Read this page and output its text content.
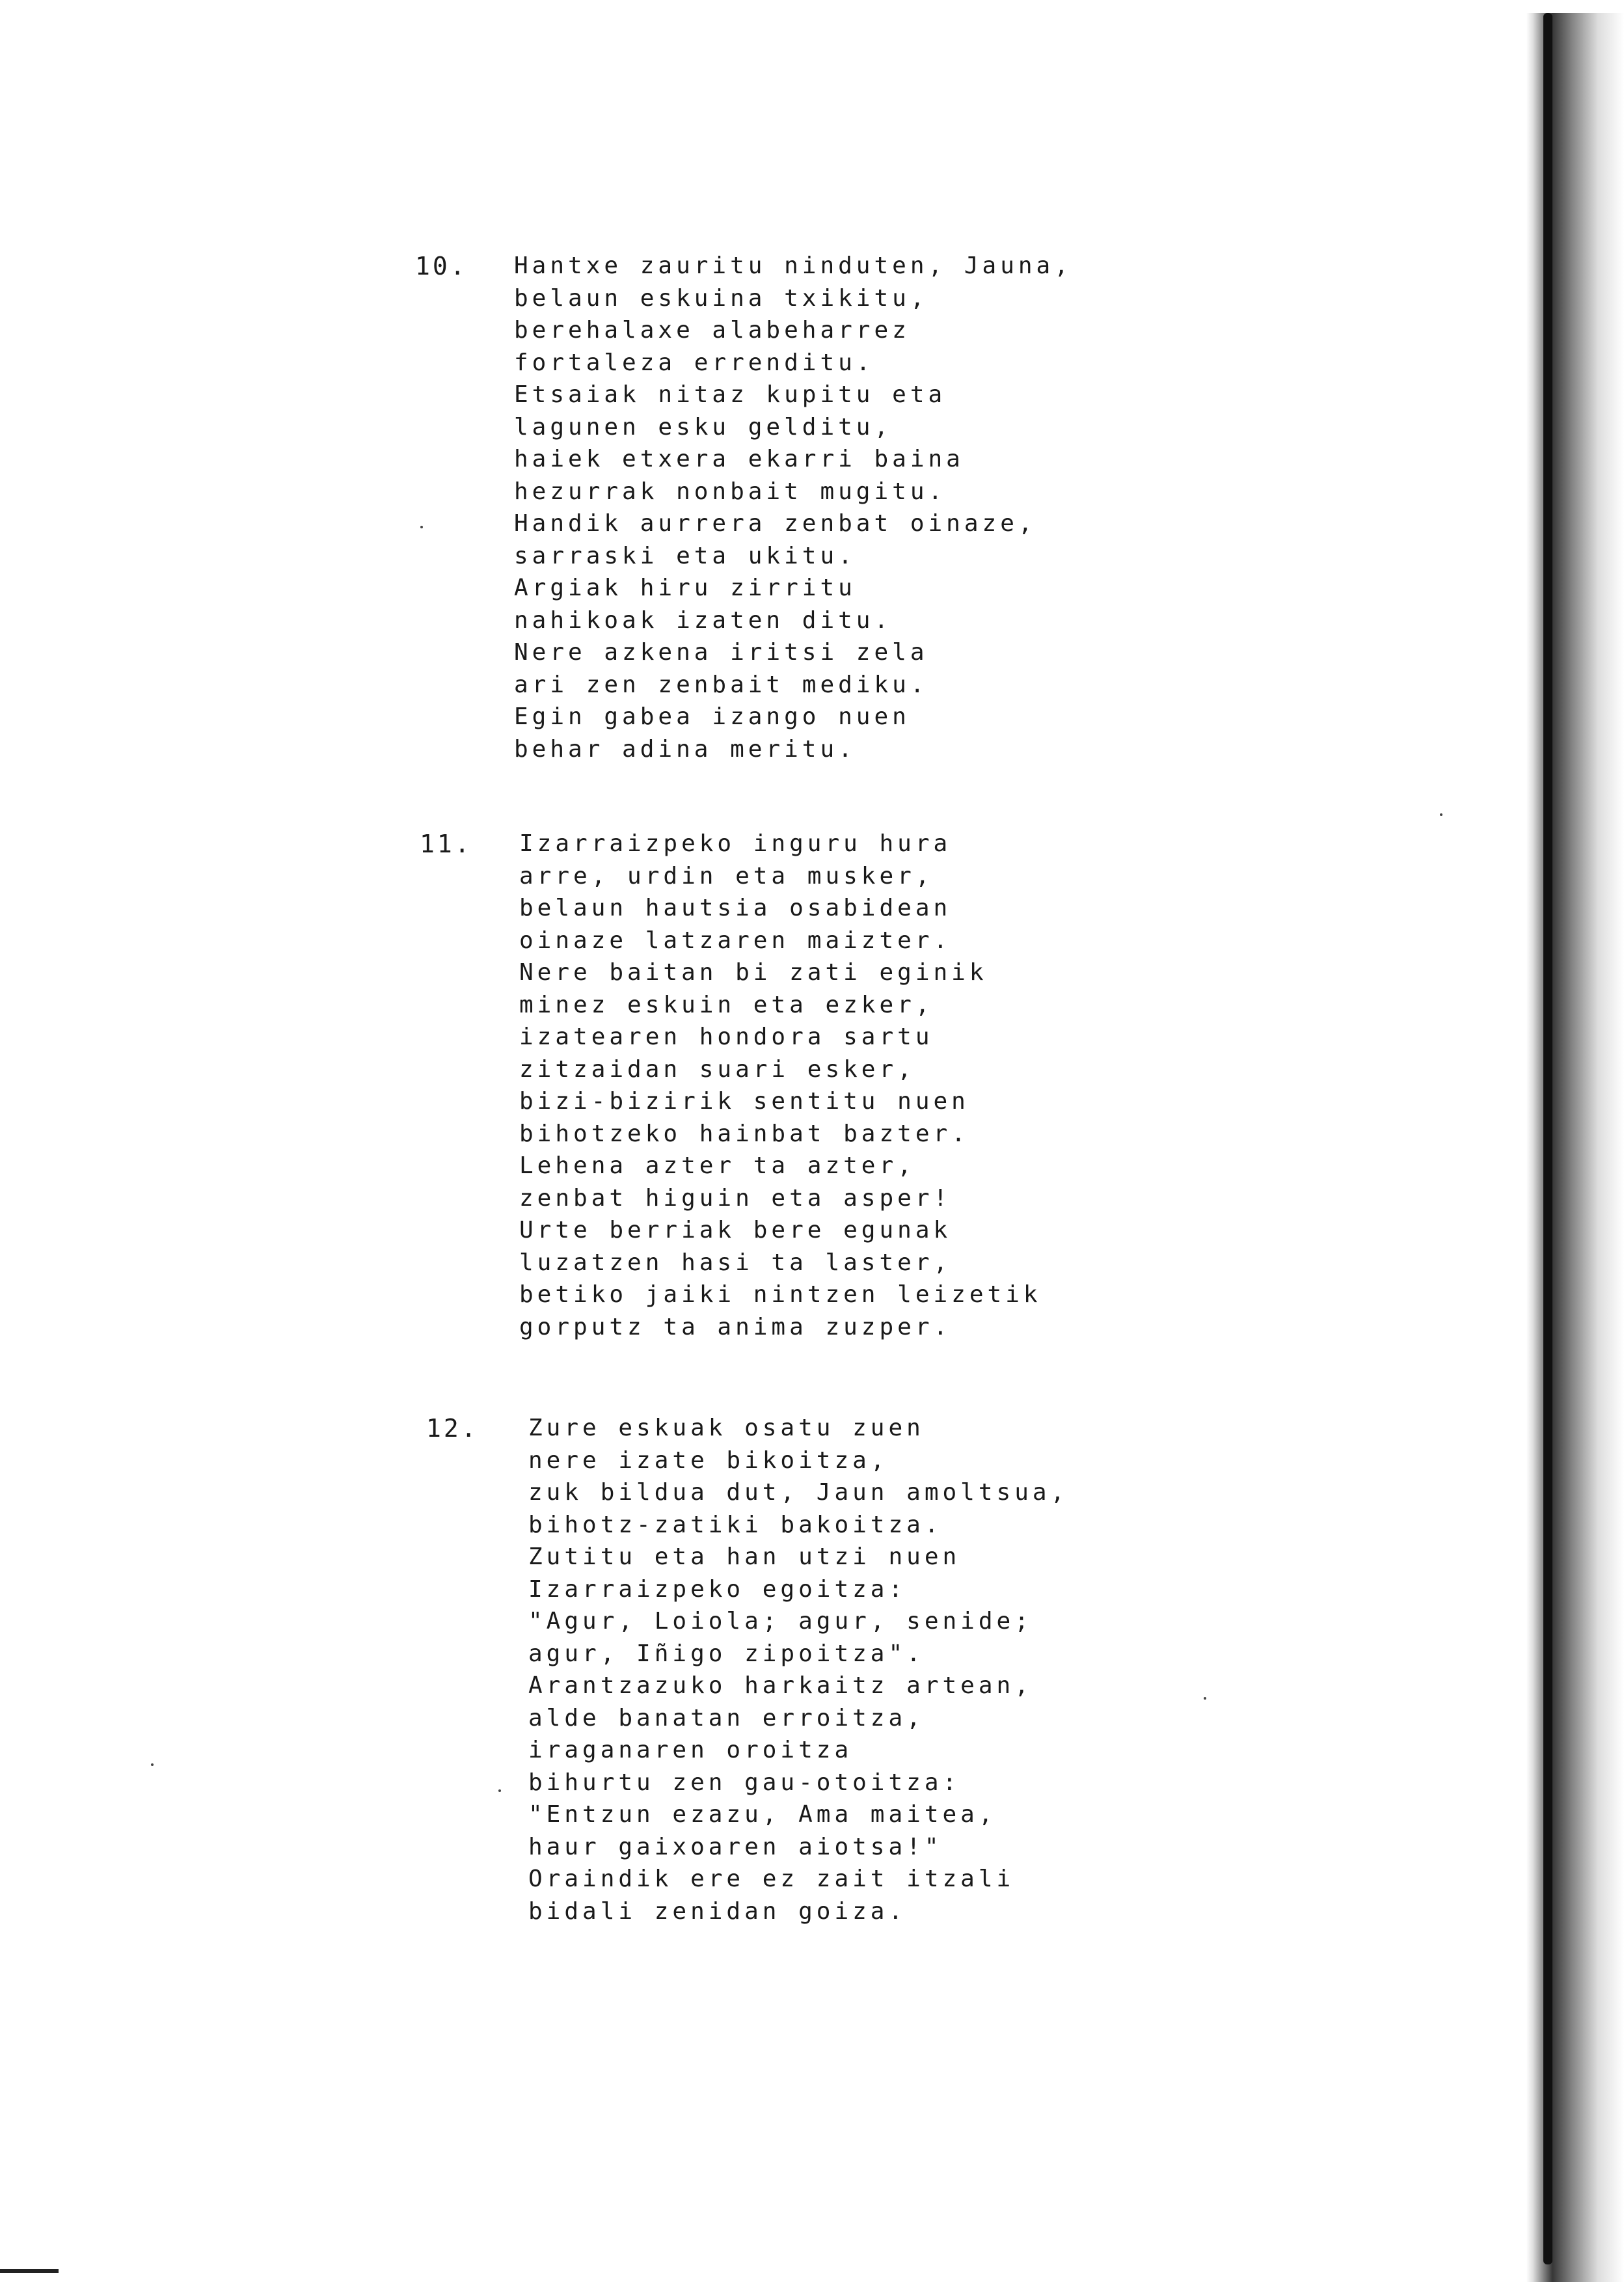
10. Hantxe zauritu ninduten, Jauna,
belaun eskuina txikitu,
berehalaxe alabeharrez
fortaleza errenditu.
Etsaiak nitaz kupitu eta
lagunen esku gelditu,
haiek etxera ekarri baina
hezurrak nonbait mugitu.
Handik aurrera zenbat oinaze,
sarraski eta ukitu.
Argiak hiru zirritu
nahikoak izaten ditu.
Nere azkena iritsi zela
ari zen zenbait mediku.
Egin gabea izango nuen
behar adina meritu.
11. Izarraizpeko inguru hura
arre, urdin eta musker,
belaun hautsia osabidean
oinaze latzaren maizter.
Nere baitan bi zati eginik
minez eskuin eta ezker,
izatearen hondora sartu
zitzaidan suari esker,
bizi-bizirik sentitu nuen
bihotzeko hainbat bazter.
Lehena azter ta azter,
zenbat higuin eta asper!
Urte berriak bere egunak
luzatzen hasi ta laster,
betiko jaiki nintzen leizetik
gorputz ta anima zuzper.
12. Zure eskuak osatu zuen
nere izate bikoitza,
zuk bildua dut, Jaun amoltsua,
bihotz-zatiki bakoitza.
Zutitu eta han utzi nuen
Izarraizpeko egoitza:
"Agur, Loiola; agur, senide;
agur, Iñigo zipoitza".
Arantzazuko harkaitz artean,
alde banatan erroitza,
iraganaren oroitza
bihurtu zen gau-otoitza:
"Entzun ezazu, Ama maitea,
haur gaixoaren aiotsa!"
Oraindik ere ez zait itzali
bidali zenidan goiza.
